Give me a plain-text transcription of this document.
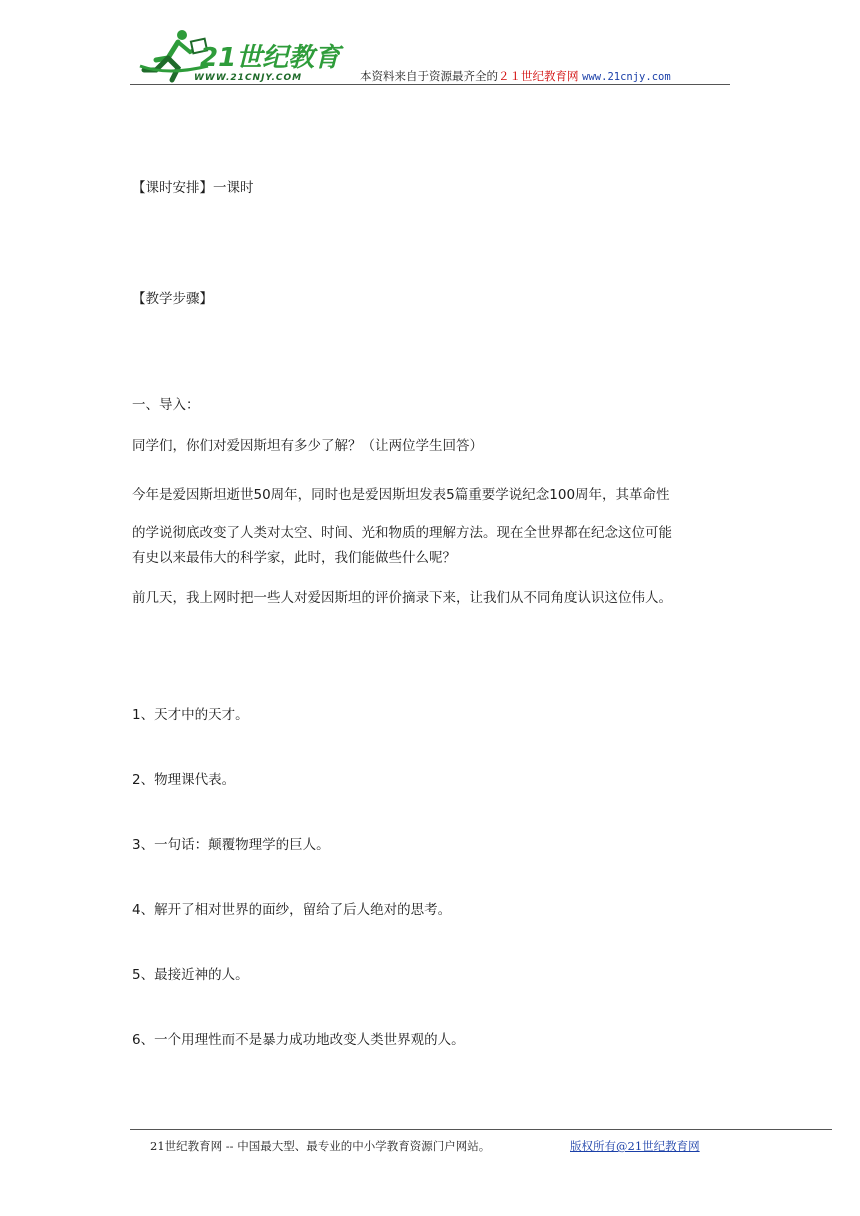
21世纪教育
WWW.21CNJY.COM	本资料来自于资源最齐全的２１世纪教育网 www.21cnjy.com
【课时安排】一课时
【教学步骤】
一、导入：
同学们，你们对爱因斯坦有多少了解？（让两位学生回答）
今年是爱因斯坦逝世50周年，同时也是爱因斯坦发表5篇重要学说纪念100周年，其革命性
的学说彻底改变了人类对太空、时间、光和物质的理解方法。现在全世界都在纪念这位可能
有史以来最伟大的科学家，此时，我们能做些什么呢？
前几天，我上网时把一些人对爱因斯坦的评价摘录下来，让我们从不同角度认识这位伟人。
1、天才中的天才。
2、物理课代表。
3、一句话：颠覆物理学的巨人。
4、解开了相对世界的面纱，留给了后人绝对的思考。
5、最接近神的人。
6、一个用理性而不是暴力成功地改变人类世界观的人。
21世纪教育网 -- 中国最大型、最专业的中小学教育资源门户网站。	版权所有@21世纪教育网
